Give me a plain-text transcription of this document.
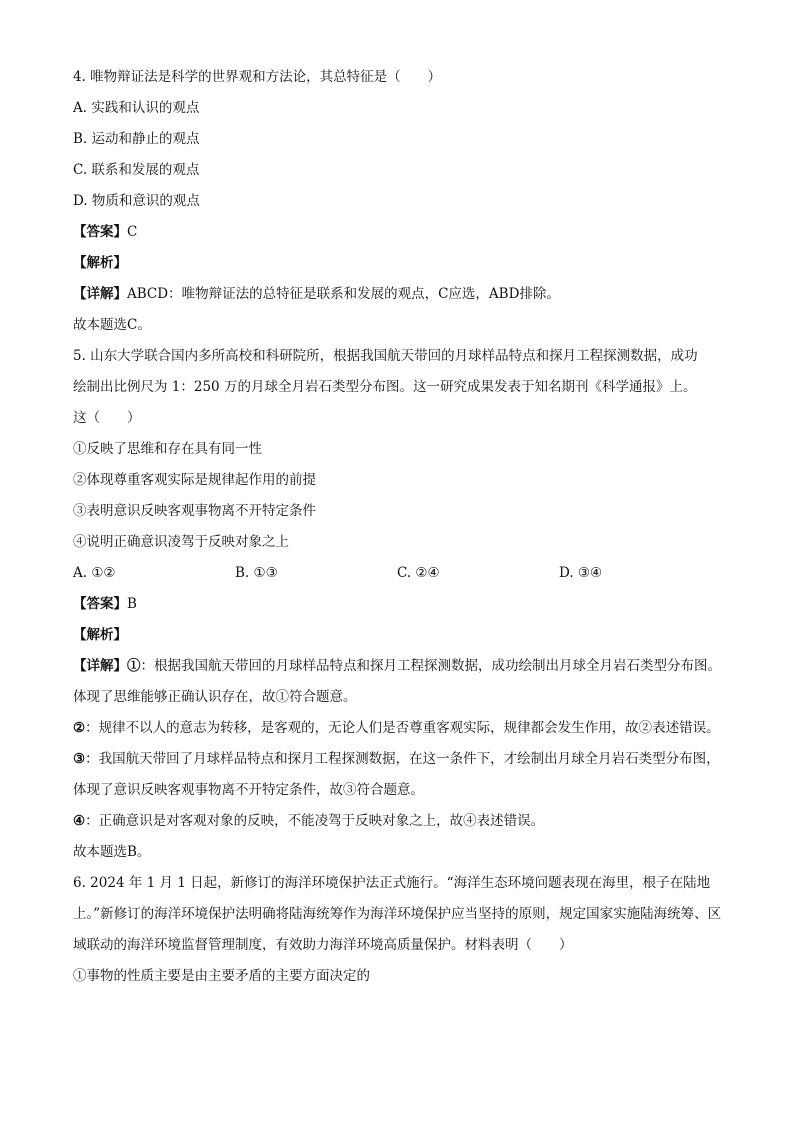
4. 唯物辩证法是科学的世界观和方法论，其总特征是（　　）
A. 实践和认识的观点
B. 运动和静止的观点
C. 联系和发展的观点
D. 物质和意识的观点
【答案】C
【解析】
【详解】ABCD：唯物辩证法的总特征是联系和发展的观点，C应选，ABD排除。
故本题选C。
5. 山东大学联合国内多所高校和科研院所，根据我国航天带回的月球样品特点和探月工程探测数据，成功
绘制出比例尺为 1：250 万的月球全月岩石类型分布图。这一研究成果发表于知名期刊《科学通报》上。
这（　　）
①反映了思维和存在具有同一性
②体现尊重客观实际是规律起作用的前提
③表明意识反映客观事物离不开特定条件
④说明正确意识凌驾于反映对象之上
A. ①②	B. ①③	C. ②④	D. ③④
【答案】B
【解析】
【详解】①：根据我国航天带回的月球样品特点和探月工程探测数据，成功绘制出月球全月岩石类型分布图。体现了思维能够正确认识存在，故①符合题意。
②：规律不以人的意志为转移，是客观的，无论人们是否尊重客观实际，规律都会发生作用，故②表述错误。
③：我国航天带回了月球样品特点和探月工程探测数据，在这一条件下，才绘制出月球全月岩石类型分布图，体现了意识反映客观事物离不开特定条件，故③符合题意。
④：正确意识是对客观对象的反映，不能凌驾于反映对象之上，故④表述错误。
故本题选B。
6. 2024 年 1 月 1 日起，新修订的海洋环境保护法正式施行。“海洋生态环境问题表现在海里，根子在陆地上。”新修订的海洋环境保护法明确将陆海统筹作为海洋环境保护应当坚持的原则，规定国家实施陆海统筹、区域联动的海洋环境监督管理制度，有效助力海洋环境高质量保护。材料表明（　　）
①事物的性质主要是由主要矛盾的主要方面决定的
